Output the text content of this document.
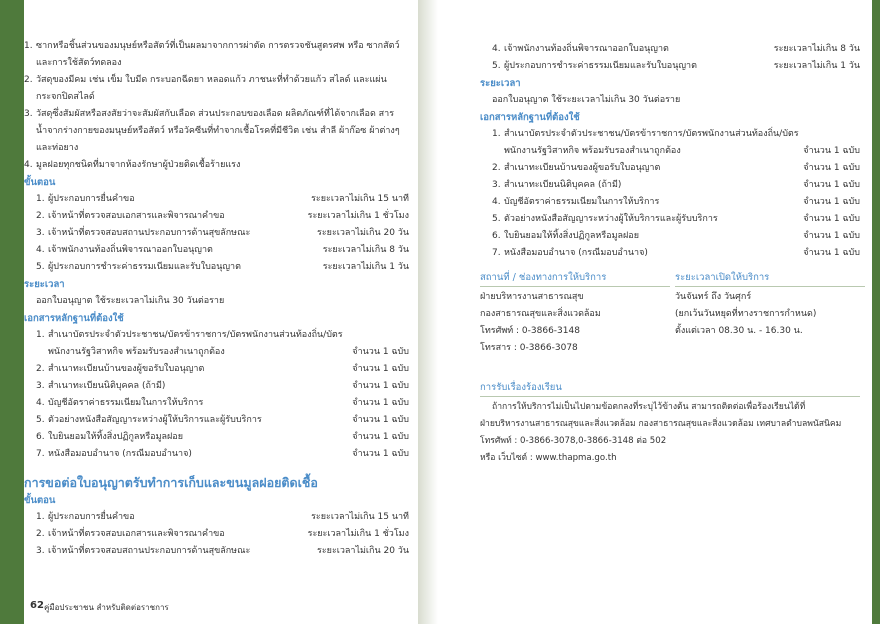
1. ซากหรือชิ้นส่วนของมนุษย์หรือสัตว์ที่เป็นผลมาจากการผ่าตัด การตรวจชันสูตรศพ หรือ ซากสัตว์ และการใช้สัตว์ทดลอง
2. วัสดุของมีคม เช่น เข็ม ใบมีด กระบอกฉีดยา หลอดแก้ว ภาชนะที่ทำด้วยแก้ว สไลด์ และแผ่นกระจกปิดสไลด์
3. วัสดุซึ่งสัมผัสหรือสงสัยว่าจะสัมผัสกับเลือด ส่วนประกอบของเลือด ผลิตภัณฑ์ที่ได้จากเลือด สารน้ำจากร่างกายของมนุษย์หรือสัตว์ หรือวัคซีนที่ทำจากเชื้อโรคที่มีชีวิต เช่น สำลี ผ้าก๊อซ ผ้าต่างๆ และท่อยาง
4. มูลฝอยทุกชนิดที่มาจากห้องรักษาผู้ป่วยติดเชื้อร้ายแรง
ขั้นตอน
1. ผู้ประกอบการยื่นคำขอ	ระยะเวลาไม่เกิน 15 นาที
2. เจ้าหน้าที่ตรวจสอบเอกสารและพิจารณาคำขอ	ระยะเวลาไม่เกิน 1 ชั่วโมง
3. เจ้าหน้าที่ตรวจสอบสถานประกอบการด้านสุขลักษณะ	ระยะเวลาไม่เกิน 20 วัน
4. เจ้าพนักงานท้องถิ่นพิจารณาออกใบอนุญาต	ระยะเวลาไม่เกิน 8 วัน
5. ผู้ประกอบการชำระค่าธรรมเนียมและรับใบอนุญาต	ระยะเวลาไม่เกิน 1 วัน
ระยะเวลา
ออกใบอนุญาต ใช้ระยะเวลาไม่เกิน 30 วันต่อราย
เอกสารหลักฐานที่ต้องใช้
1. สำเนาบัตรประจำตัวประชาชน/บัตรข้าราชการ/บัตรพนักงานส่วนท้องถิ่น/บัตร
พนักงานรัฐวิสาหกิจ พร้อมรับรองสำเนาถูกต้อง	จำนวน 1 ฉบับ
2. สำเนาทะเบียนบ้านของผู้ขอรับใบอนุญาต	จำนวน 1 ฉบับ
3. สำเนาทะเบียนนิติบุคคล (ถ้ามี)	จำนวน 1 ฉบับ
4. บัญชีอัตราค่าธรรมเนียมในการให้บริการ	จำนวน 1 ฉบับ
5. ตัวอย่างหนังสือสัญญาระหว่างผู้ให้บริการและผู้รับบริการ	จำนวน 1 ฉบับ
6. ใบยินยอมให้ทิ้งสิ่งปฏิกูลหรือมูลฝอย	จำนวน 1 ฉบับ
7. หนังสือมอบอำนาจ (กรณีมอบอำนาจ)	จำนวน 1 ฉบับ
การขอต่อใบอนุญาตรับทำการเก็บและขนมูลฝอยติดเชื้อ
ขั้นตอน
1. ผู้ประกอบการยื่นคำขอ	ระยะเวลาไม่เกิน 15 นาที
2. เจ้าหน้าที่ตรวจสอบเอกสารและพิจารณาคำขอ	ระยะเวลาไม่เกิน 1 ชั่วโมง
3. เจ้าหน้าที่ตรวจสอบสถานประกอบการด้านสุขลักษณะ	ระยะเวลาไม่เกิน 20 วัน
62 คู่มือประชาชน สำหรับติดต่อราชการ
4. เจ้าพนักงานท้องถิ่นพิจารณาออกใบอนุญาต	ระยะเวลาไม่เกิน 8 วัน
5. ผู้ประกอบการชำระค่าธรรมเนียมและรับใบอนุญาต	ระยะเวลาไม่เกิน 1 วัน
ระยะเวลา
ออกใบอนุญาต ใช้ระยะเวลาไม่เกิน 30 วันต่อราย
เอกสารหลักฐานที่ต้องใช้
1. สำเนาบัตรประจำตัวประชาชน/บัตรข้าราชการ/บัตรพนักงานส่วนท้องถิ่น/บัตร
พนักงานรัฐวิสาหกิจ พร้อมรับรองสำเนาถูกต้อง	จำนวน 1 ฉบับ
2. สำเนาทะเบียนบ้านของผู้ขอรับใบอนุญาต	จำนวน 1 ฉบับ
3. สำเนาทะเบียนนิติบุคคล (ถ้ามี)	จำนวน 1 ฉบับ
4. บัญชีอัตราค่าธรรมเนียมในการให้บริการ	จำนวน 1 ฉบับ
5. ตัวอย่างหนังสือสัญญาระหว่างผู้ให้บริการและผู้รับบริการ	จำนวน 1 ฉบับ
6. ใบยินยอมให้ทิ้งสิ่งปฏิกูลหรือมูลฝอย	จำนวน 1 ฉบับ
7. หนังสือมอบอำนาจ (กรณีมอบอำนาจ)	จำนวน 1 ฉบับ
สถานที่ / ช่องทางการให้บริการ
ฝ่ายบริหารงานสาธารณสุข
กองสาธารณสุขและสิ่งแวดล้อม
โทรศัพท์ : 0-3866-3148
โทรสาร : 0-3866-3078
ระยะเวลาเปิดให้บริการ
วันจันทร์ ถึง วันศุกร์
(ยกเว้นวันหยุดที่ทางราชการกำหนด)
ตั้งแต่เวลา 08.30 น. - 16.30 น.
การรับเรื่องร้องเรียน
ถ้าการให้บริการไม่เป็นไปตามข้อตกลงที่ระบุไว้ข้างต้น สามารถติดต่อเพื่อร้องเรียนได้ที่
ฝ่ายบริหารงานสาธารณสุขและสิ่งแวดล้อม กองสาธารณสุขและสิ่งแวดล้อม เทศบาลตำบลพนัสนิคม
โทรศัพท์ : 0-3866-3078,0-3866-3148 ต่อ 502
หรือ เว็บไซต์ : www.thapma.go.th
